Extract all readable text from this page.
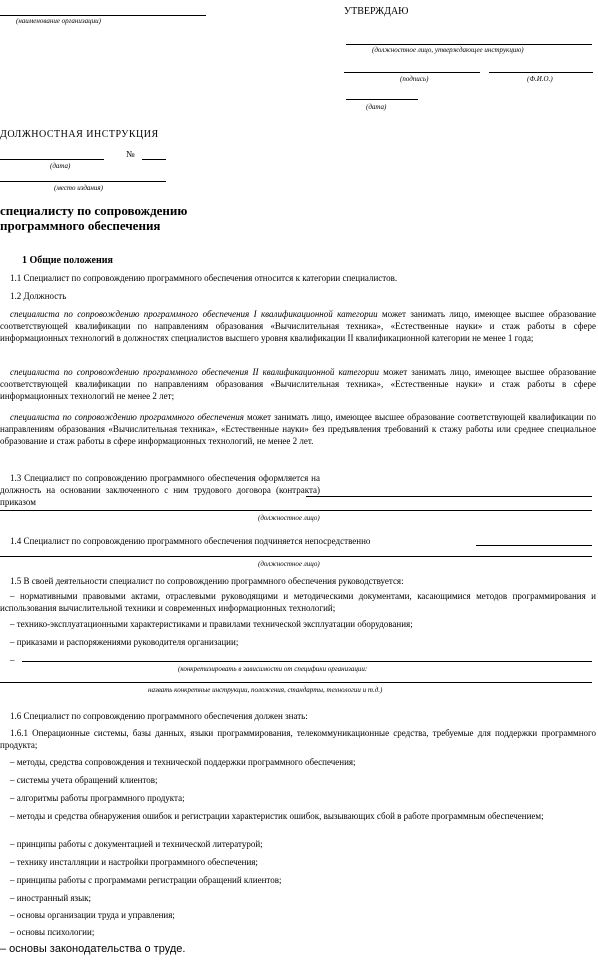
(наименование организации)
УТВЕРЖДАЮ
(должностное лицо, утверждающее инструкцию)
(подпись)	(Ф.И.О.)
(дата)
ДОЛЖНОСТНАЯ ИНСТРУКЦИЯ
№
(дата)
(место издания)
специалисту по сопровождению
программного обеспечения
1 Общие положения
1.1 Специалист по сопровождению программного обеспечения относится к категории специалистов.
1.2 Должность
специалиста по сопровождению программного обеспечения I квалификационной категории может занимать лицо, имеющее высшее образование соответствующей квалификации по направлениям образования «Вычислительная техника», «Естественные науки» и стаж работы в сфере информационных технологий в должностях специалистов высшего уровня квалификации II квалификационной категории не менее 1 года;
специалиста по сопровождению программного обеспечения II квалификационной категории может занимать лицо, имеющее высшее образование соответствующей квалификации по направлениям образования «Вычислительная техника», «Естественные науки» и стаж работы в сфере информационных технологий не менее 2 лет;
специалиста по сопровождению программного обеспечения может занимать лицо, имеющее высшее образование соответствующей квалификации по направлениям образования «Вычислительная техника», «Естественные науки» без предъявления требований к стажу работы или среднее специальное образование и стаж работы в сфере информационных технологий, не менее 2 лет.
1.3 Специалист по сопровождению программного обеспечения оформляется на должность на основании заключенного с ним трудового договора (контракта) приказом
(должностное лицо)
1.4 Специалист по сопровождению программного обеспечения подчиняется непосредственно
(должностное лицо)
1.5 В своей деятельности специалист по сопровождению программного обеспечения руководствуется:
– нормативными правовыми актами, отраслевыми руководящими и методическими документами, касающимися методов программирования и использования вычислительной техники и современных информационных технологий;
– технико-эксплуатационными характеристиками и правилами технической эксплуатации оборудования;
– приказами и распоряжениями руководителя организации;
–
(конкретизировать в зависимости от специфики организации:
назвать конкретные инструкции, положения, стандарты, технологии и т.д.)
1.6 Специалист по сопровождению программного обеспечения должен знать:
1.6.1 Операционные системы, базы данных, языки программирования, телекоммуникационные средства, требуемые для поддержки программного продукта;
– методы, средства сопровождения и технической поддержки программного обеспечения;
– системы учета обращений клиентов;
– алгоритмы работы программного продукта;
– методы и средства обнаружения ошибок и регистрации характеристик ошибок, вызывающих сбой в работе программным обеспечением;
– принципы работы с документацией и технической литературой;
– технику инсталляции и настройки программного обеспечения;
– принципы работы с программами регистрации обращений клиентов;
– иностранный язык;
– основы организации труда и управления;
– основы психологии;
– основы законодательства о труде.
